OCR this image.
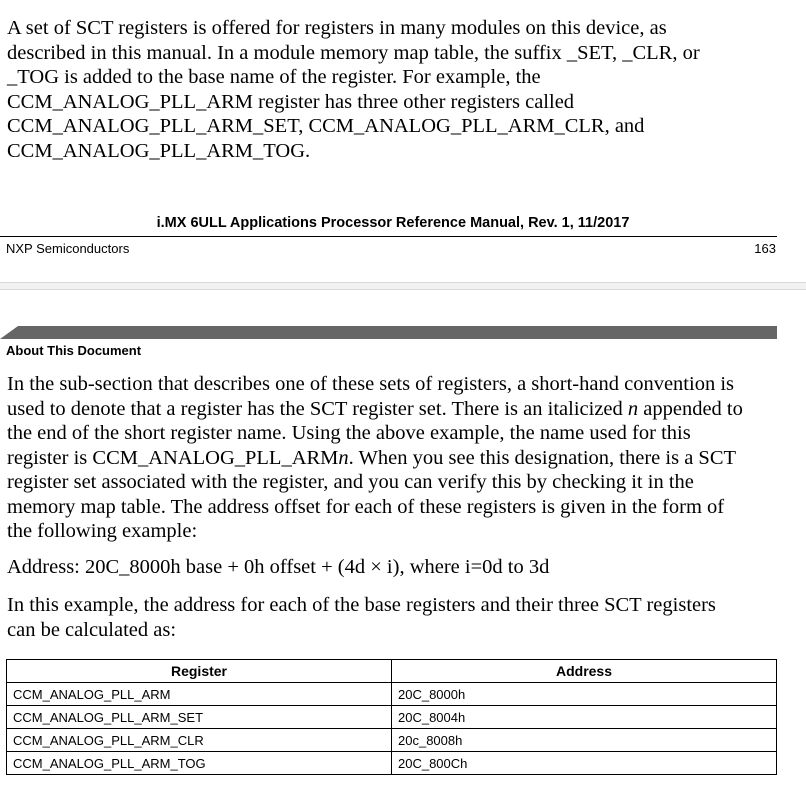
A set of SCT registers is offered for registers in many modules on this device, as
described in this manual. In a module memory map table, the suffix _SET, _CLR, or
_TOG is added to the base name of the register. For example, the
CCM_ANALOG_PLL_ARM register has three other registers called
CCM_ANALOG_PLL_ARM_SET, CCM_ANALOG_PLL_ARM_CLR, and
CCM_ANALOG_PLL_ARM_TOG.
i.MX 6ULL Applications Processor Reference Manual, Rev. 1, 11/2017
NXP Semiconductors	163
About This Document
In the sub-section that describes one of these sets of registers, a short-hand convention is
used to denote that a register has the SCT register set. There is an italicized n appended to
the end of the short register name. Using the above example, the name used for this
register is CCM_ANALOG_PLL_ARMn. When you see this designation, there is a SCT
register set associated with the register, and you can verify this by checking it in the
memory map table. The address offset for each of these registers is given in the form of
the following example:
Address: 20C_8000h base + 0h offset + (4d × i), where i=0d to 3d
In this example, the address for each of the base registers and their three SCT registers
can be calculated as:
Register	Address
CCM_ANALOG_PLL_ARM	20C_8000h
CCM_ANALOG_PLL_ARM_SET	20C_8004h
CCM_ANALOG_PLL_ARM_CLR	20c_8008h
CCM_ANALOG_PLL_ARM_TOG	20C_800Ch
